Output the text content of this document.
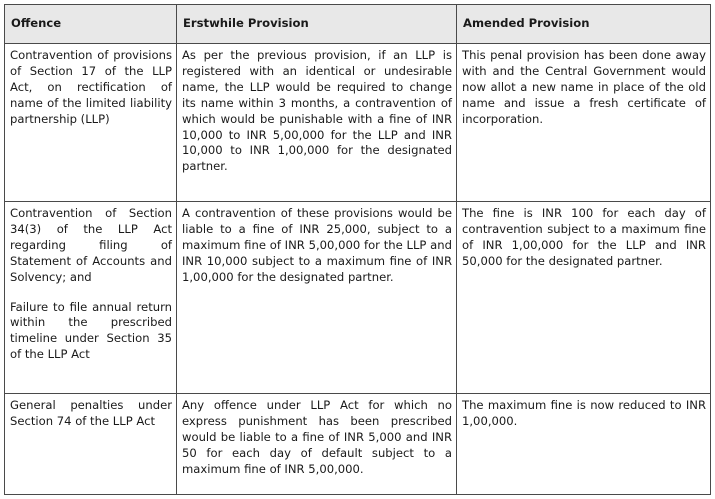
Offence	Erstwhile Provision	Amended Provision

Contravention of provisions of Section 17 of the LLP Act, on rectification of name of the limited liability partnership (LLP)	As per the previous provision, if an LLP is registered with an identical or undesirable name, the LLP would be required to change its name within 3 months, a contravention of which would be punishable with a fine of INR 10,000 to INR 5,00,000 for the LLP and INR 10,000 to INR 1,00,000 for the designated partner.	This penal provision has been done away with and the Central Government would now allot a new name in place of the old name and issue a fresh certificate of incorporation.

Contravention of Section 34(3) of the LLP Act regarding filing of Statement of Accounts and Solvency; and

Failure to file annual return within the prescribed timeline under Section 35 of the LLP Act	A contravention of these provisions would be liable to a fine of INR 25,000, subject to a maximum fine of INR 5,00,000 for the LLP and INR 10,000 subject to a maximum fine of INR 1,00,000 for the designated partner.	The fine is INR 100 for each day of contravention subject to a maximum fine of INR 1,00,000 for the LLP and INR 50,000 for the designated partner.

General penalties under Section 74 of the LLP Act	Any offence under LLP Act for which no express punishment has been prescribed would be liable to a fine of INR 5,000 and INR 50 for each day of default subject to a maximum fine of INR 5,00,000.	The maximum fine is now reduced to INR 1,00,000.
